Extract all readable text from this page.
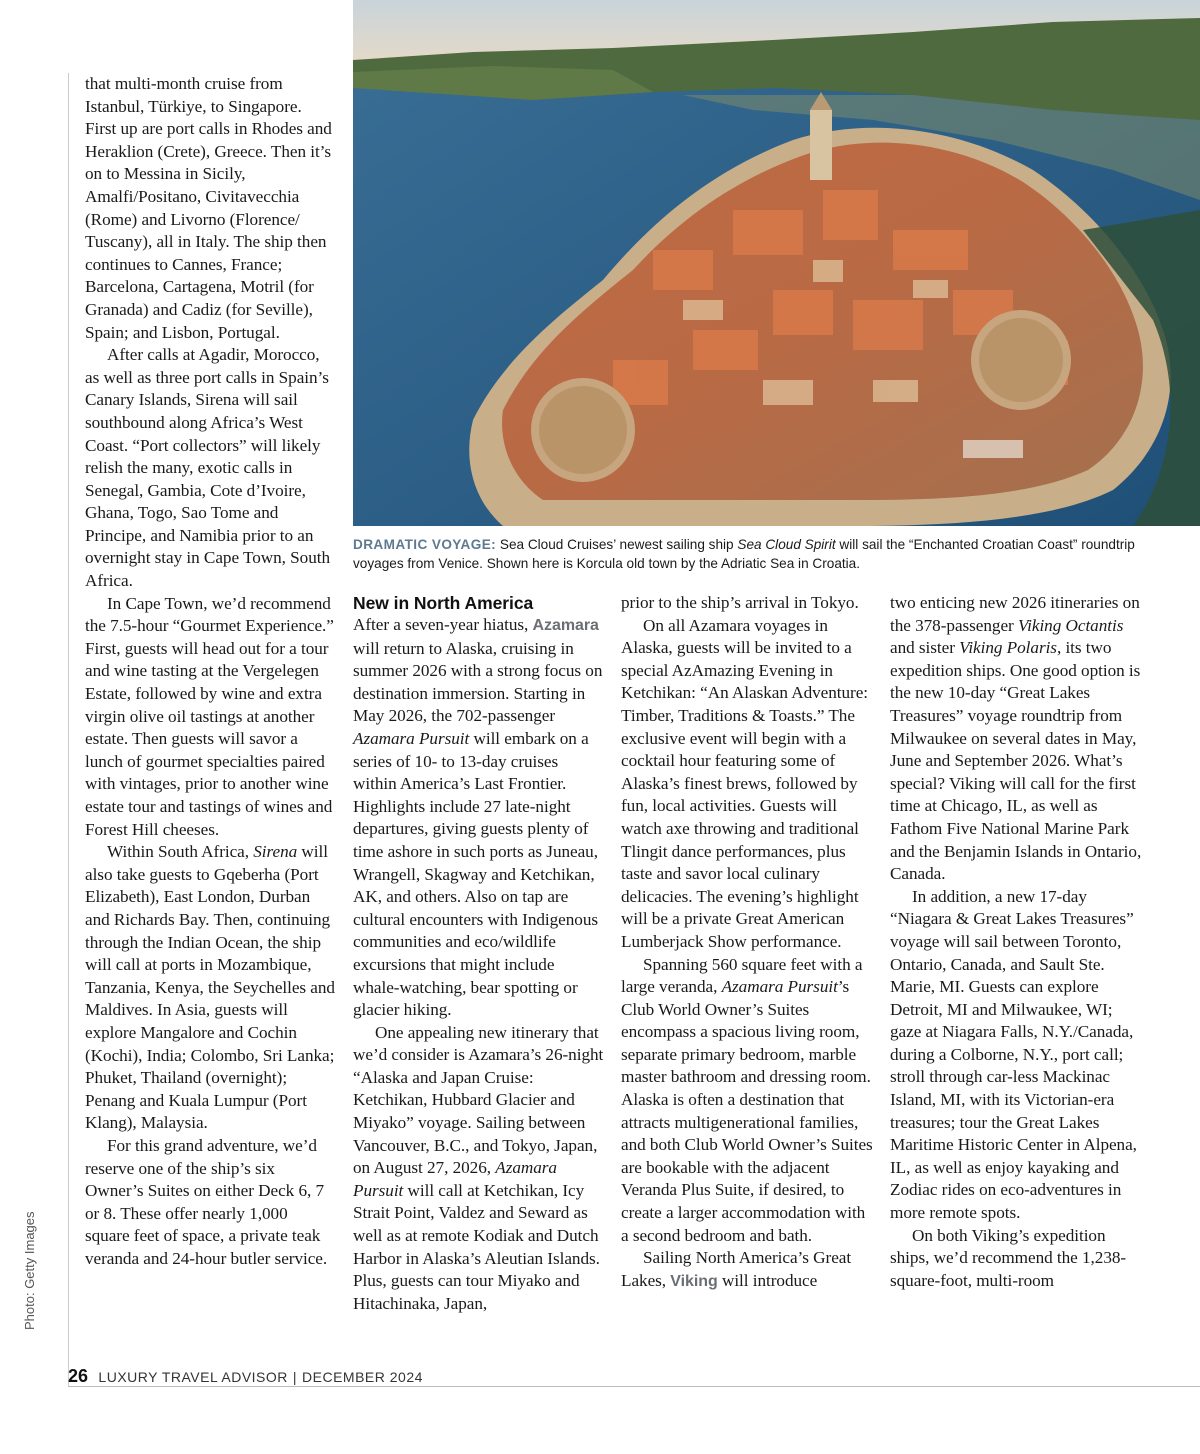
DRAMATIC VOYAGE: Sea Cloud Cruises’ newest sailing ship Sea Cloud Spirit will sail the “Enchanted Croatian Coast” roundtrip voyages from Venice. Shown here is Korcula old town by the Adriatic Sea in Croatia.
Photo: Getty Images

that multi-month cruise from Istanbul, Türkiye, to Singapore. First up are port calls in Rhodes and Heraklion (Crete), Greece. Then it’s on to Messina in Sicily, Amalfi/Positano, Civitavecchia (Rome) and Livorno (Florence/ Tuscany), all in Italy. The ship then continues to Cannes, France; Barcelona, Cartagena, Motril (for Granada) and Cadiz (for Seville), Spain; and Lisbon, Portugal.

After calls at Agadir, Morocco, as well as three port calls in Spain’s Canary Islands, Sirena will sail southbound along Africa’s West Coast. “Port collectors” will likely relish the many, exotic calls in Senegal, Gambia, Cote d’Ivoire, Ghana, Togo, Sao Tome and Principe, and Namibia prior to an overnight stay in Cape Town, South Africa.

In Cape Town, we’d recommend the 7.5-hour “Gourmet Experience.” First, guests will head out for a tour and wine tasting at the Vergelegen Estate, followed by wine and extra virgin olive oil tastings at another estate. Then guests will savor a lunch of gourmet specialties paired with vintages, prior to another wine estate tour and tastings of wines and Forest Hill cheeses.

Within South Africa, Sirena will also take guests to Gqeberha (Port Elizabeth), East London, Durban and Richards Bay. Then, continuing through the Indian Ocean, the ship will call at ports in Mozambique, Tanzania, Kenya, the Seychelles and Maldives. In Asia, guests will explore Mangalore and Cochin (Kochi), India; Colombo, Sri Lanka; Phuket, Thailand (overnight); Penang and Kuala Lumpur (Port Klang), Malaysia.

For this grand adventure, we’d reserve one of the ship’s six Owner’s Suites on either Deck 6, 7 or 8. These offer nearly 1,000 square feet of space, a private teak veranda and 24-hour butler service.

New in North America

After a seven-year hiatus, Azamara will return to Alaska, cruising in summer 2026 with a strong focus on destination immersion. Starting in May 2026, the 702-passenger Azamara Pursuit will embark on a series of 10- to 13-day cruises within America’s Last Frontier. Highlights include 27 late-night departures, giving guests plenty of time ashore in such ports as Juneau, Wrangell, Skagway and Ketchikan, AK, and others. Also on tap are cultural encounters with Indigenous communities and eco/wildlife excursions that might include whale-watching, bear spotting or glacier hiking.

One appealing new itinerary that we’d consider is Azamara’s 26-night “Alaska and Japan Cruise: Ketchikan, Hubbard Glacier and Miyako” voyage. Sailing between Vancouver, B.C., and Tokyo, Japan, on August 27, 2026, Azamara Pursuit will call at Ketchikan, Icy Strait Point, Valdez and Seward as well as at remote Kodiak and Dutch Harbor in Alaska’s Aleutian Islands. Plus, guests can tour Miyako and Hitachinaka, Japan,

prior to the ship’s arrival in Tokyo.

On all Azamara voyages in Alaska, guests will be invited to a special AzAmazing Evening in Ketchikan: “An Alaskan Adventure: Timber, Traditions & Toasts.” The exclusive event will begin with a cocktail hour featuring some of Alaska’s finest brews, followed by fun, local activities. Guests will watch axe throwing and traditional Tlingit dance performances, plus taste and savor local culinary delicacies. The evening’s highlight will be a private Great American Lumberjack Show performance.

Spanning 560 square feet with a large veranda, Azamara Pursuit’s Club World Owner’s Suites encompass a spacious living room, separate primary bedroom, marble master bathroom and dressing room. Alaska is often a destination that attracts multigenerational families, and both Club World Owner’s Suites are bookable with the adjacent Veranda Plus Suite, if desired, to create a larger accommodation with a second bedroom and bath.

Sailing North America’s Great Lakes, Viking will introduce

two enticing new 2026 itineraries on the 378-passenger Viking Octantis and sister Viking Polaris, its two expedition ships. One good option is the new 10-day “Great Lakes Treasures” voyage roundtrip from Milwaukee on several dates in May, June and September 2026. What’s special? Viking will call for the first time at Chicago, IL, as well as Fathom Five National Marine Park and the Benjamin Islands in Ontario, Canada.

In addition, a new 17-day “Niagara & Great Lakes Treasures” voyage will sail between Toronto, Ontario, Canada, and Sault Ste. Marie, MI. Guests can explore Detroit, MI and Milwaukee, WI; gaze at Niagara Falls, N.Y./Canada, during a Colborne, N.Y., port call; stroll through car-less Mackinac Island, MI, with its Victorian-era treasures; tour the Great Lakes Maritime Historic Center in Alpena, IL, as well as enjoy kayaking and Zodiac rides on eco-adventures in more remote spots.

On both Viking’s expedition ships, we’d recommend the 1,238-square-foot, multi-room

26 LUXURY TRAVEL ADVISOR | DECEMBER 2024
